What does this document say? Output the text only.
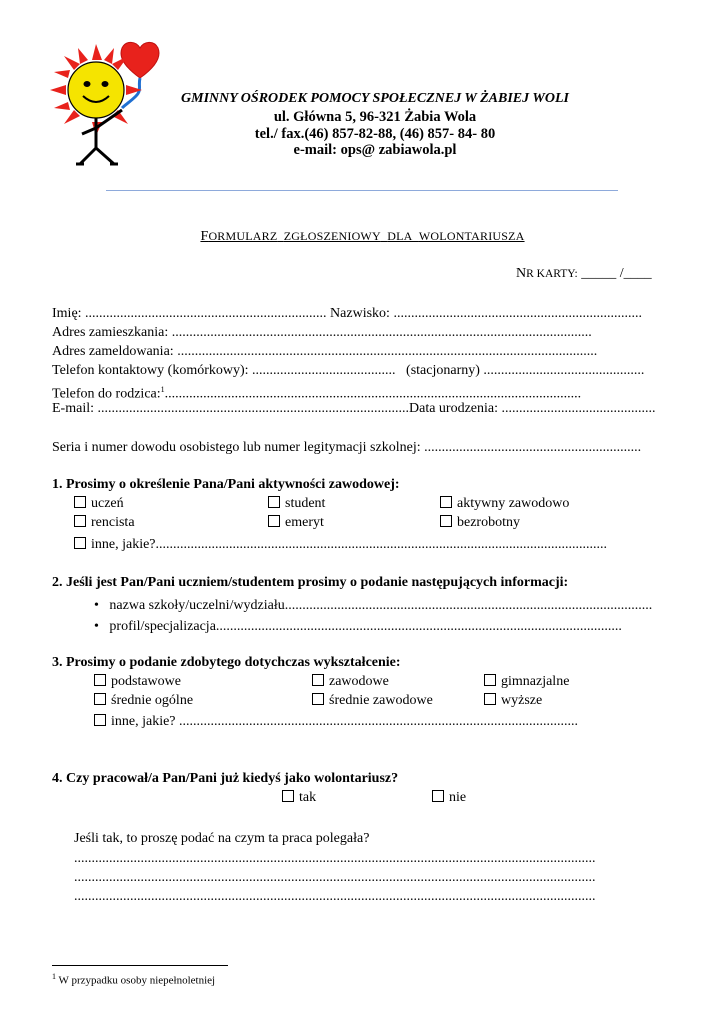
GMINNY OŚRODEK POMOCY SPOŁECZNEJ W ŻABIEJ WOLI
ul. Główna 5, 96-321 Żabia Wola
tel./ fax.(46) 857-82-88, (46) 857- 84- 80
e-mail: ops@ zabiawola.pl
FORMULARZ ZGŁOSZENIOWY DLA WOLONTARIUSZA
NR KARTY: _____ /____
Imię: ..................................................................... Nazwisko: .......................................................................
Adres zamieszkania: ........................................................................................................................
Adres zameldowania: ........................................................................................................................
Telefon kontaktowy (komórkowy): .........................................   (stacjonarny) ..............................................
Telefon do rodzica:$^1$.......................................................................................................................
E-mail: .........................................................................................Data urodzenia: ............................................
Seria i numer dowodu osobistego lub numer legitymacji szkolnej: ..............................................................
1. Prosimy o określenie Pana/Pani aktywności zawodowej:
uczeń	student	aktywny zawodowo
rencista	emeryt	bezrobotny
inne, jakie?.................................................................................................................................
2. Jeśli jest Pan/Pani uczniem/studentem prosimy o podanie następujących informacji:
• nazwa szkoły/uczelni/wydziału.........................................................................................................
• profil/specjalizacja....................................................................................................................
3. Prosimy o podanie zdobytego dotychczas wykształcenie:
podstawowe	zawodowe	gimnazjalne
średnie ogólne	średnie zawodowe	wyższe
inne, jakie? ..................................................................................................................
4. Czy pracował/a Pan/Pani już kiedyś jako wolontariusz?
tak	nie
Jeśli tak, to proszę podać na czym ta praca polegała?
.....................................................................................................................................................
.....................................................................................................................................................
.....................................................................................................................................................
$^1$ W przypadku osoby niepełnoletniej
